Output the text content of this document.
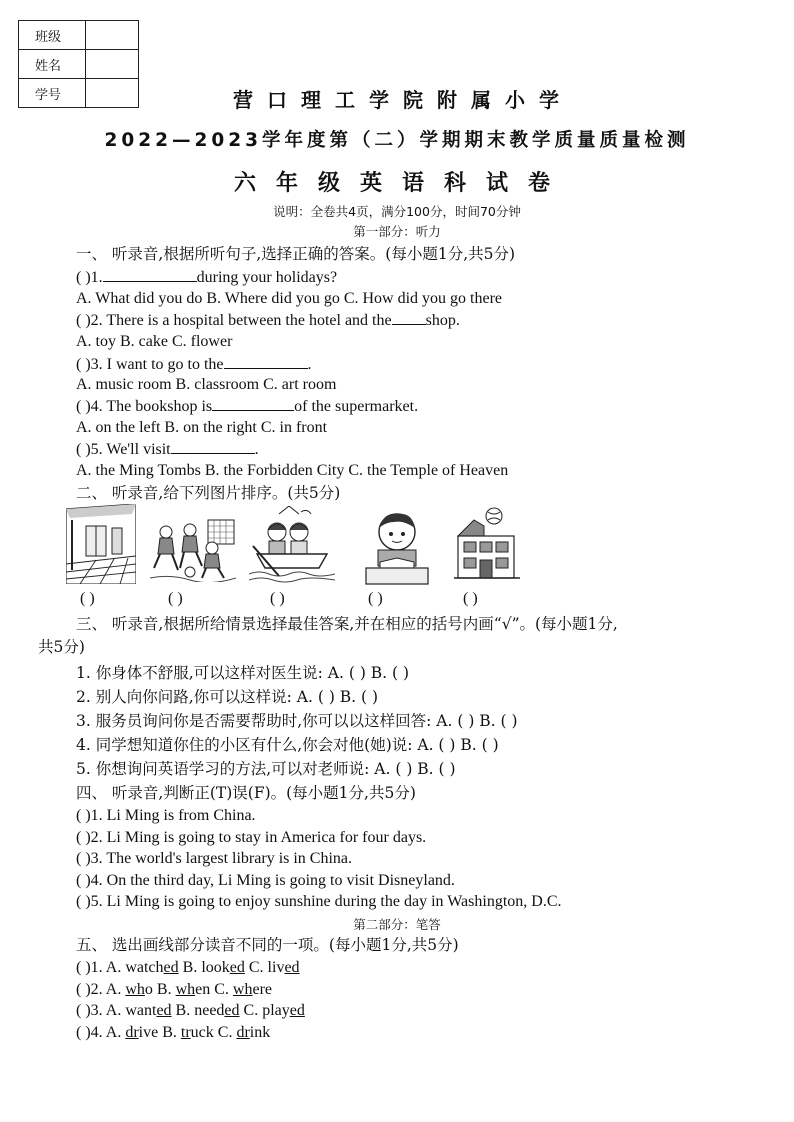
班级	
姓名	
学号		营口理工学院附属小学
2022—2023学年度第（二）学期期末教学质量质量检测
六年级英语科试卷
说明：全卷共4页，满分100分，时间70分钟
第一部分：听力
一、 听录音,根据所听句子,选择正确的答案。(每小题1分,共5分)
( )1.	during your holidays?
A. What did you do B. Where did you go C. How did you go there
( )2. There is a hospital between the hotel and the shop.
A. toy B. cake C. flower
( )3. I want to go to the	.
A. music room B. classroom C. art room
( )4. The bookshop is	of the supermarket.
A. on the left B. on the right C. in front
( )5. We'll visit	.
A. the Ming Tombs B. the Forbidden City C. the Temple of Heaven
二、 听录音,给下列图片排序。(共5分)
( )	( )	( )	( )	( )
三、 听录音,根据所给情景选择最佳答案,并在相应的括号内画“√”。(每小题1分,
共5分)
1. 你身体不舒服,可以这样对医生说: A. ( ) B. ( )
2. 别人向你问路,你可以这样说: A. ( ) B. ( )
3. 服务员询问你是否需要帮助时,你可以以这样回答: A. ( ) B. ( )
4. 同学想知道你住的小区有什么,你会对他(她)说: A. ( ) B. ( )
5. 你想询问英语学习的方法,可以对老师说: A. ( ) B. ( )
四、 听录音,判断正(T)误(F)。(每小题1分,共5分)
( )1. Li Ming is from China.
( )2. Li Ming is going to stay in America for four days.
( )3. The world's largest library is in China.
( )4. On the third day, Li Ming is going to visit Disneyland.
( )5. Li Ming is going to enjoy sunshine during the day in Washington, D.C.
第二部分：笔答
五、 选出画线部分读音不同的一项。(每小题1分,共5分)
( )1. A. watched B. looked C. lived
( )2. A. who B. when C. where
( )3. A. wanted B. needed C. played
( )4. A. drive B. truck C. drink
